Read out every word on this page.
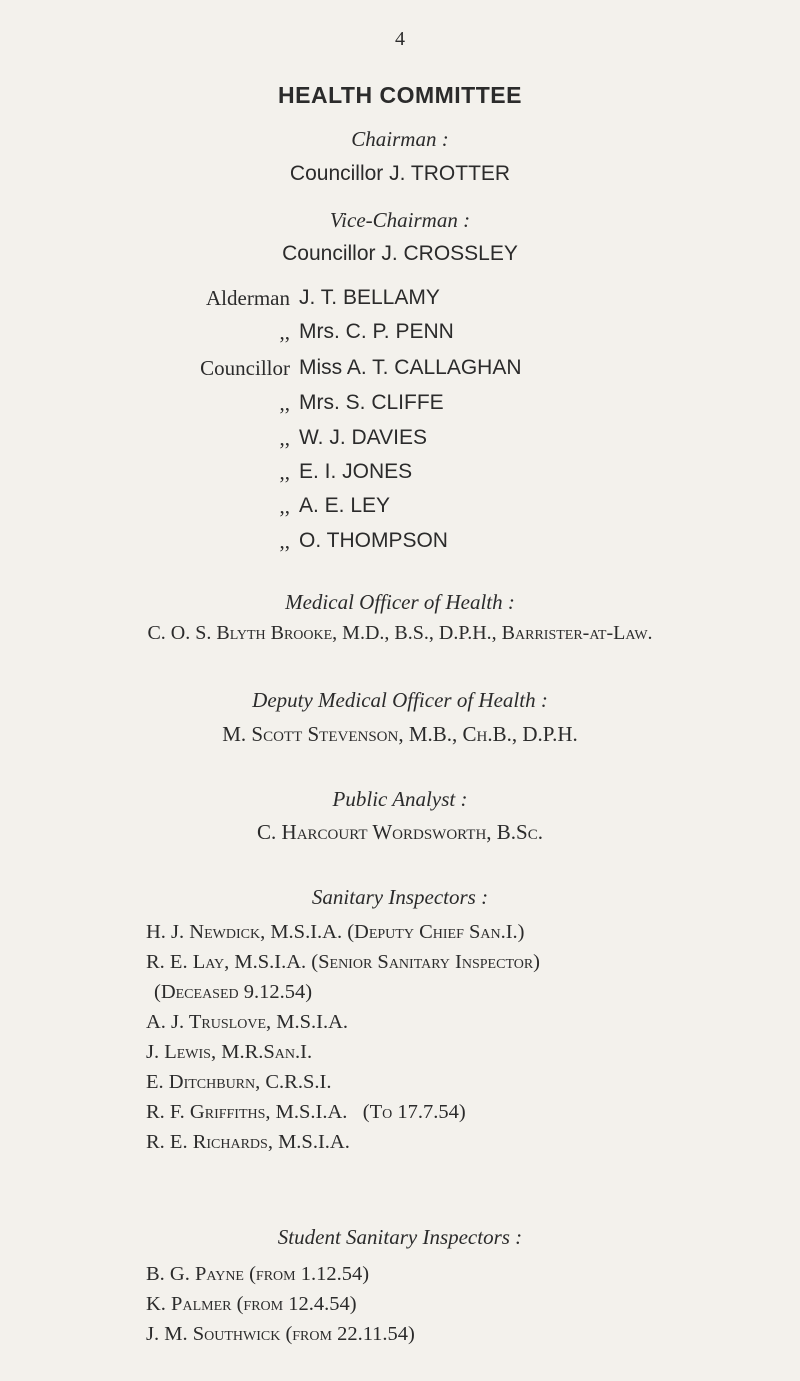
4
HEALTH COMMITTEE
Chairman :
Councillor J. TROTTER
Vice-Chairman :
Councillor J. CROSSLEY
Alderman J. T. BELLAMY
,, Mrs. C. P. PENN
Councillor Miss A. T. CALLAGHAN
,, Mrs. S. CLIFFE
,, W. J. DAVIES
,, E. I. JONES
,, A. E. LEY
,, O. THOMPSON
Medical Officer of Health :
C. O. S. Blyth Brooke, M.D., B.S., D.P.H., Barrister-at-Law.
Deputy Medical Officer of Health :
M. Scott Stevenson, M.B., Ch.B., D.P.H.
Public Analyst :
C. Harcourt Wordsworth, B.Sc.
Sanitary Inspectors :
H. J. Newdick, M.S.I.A. (Deputy Chief San.I.)
R. E. Lay, M.S.I.A. (Senior Sanitary Inspector)
(Deceased 9.12.54)
A. J. Truslove, M.S.I.A.
J. Lewis, M.R.San.I.
E. Ditchburn, C.R.S.I.
R. F. Griffiths, M.S.I.A.   (To 17.7.54)
R. E. Richards, M.S.I.A.
Student Sanitary Inspectors :
B. G. Payne (from 1.12.54)
K. Palmer (from 12.4.54)
J. M. Southwick (from 22.11.54)
